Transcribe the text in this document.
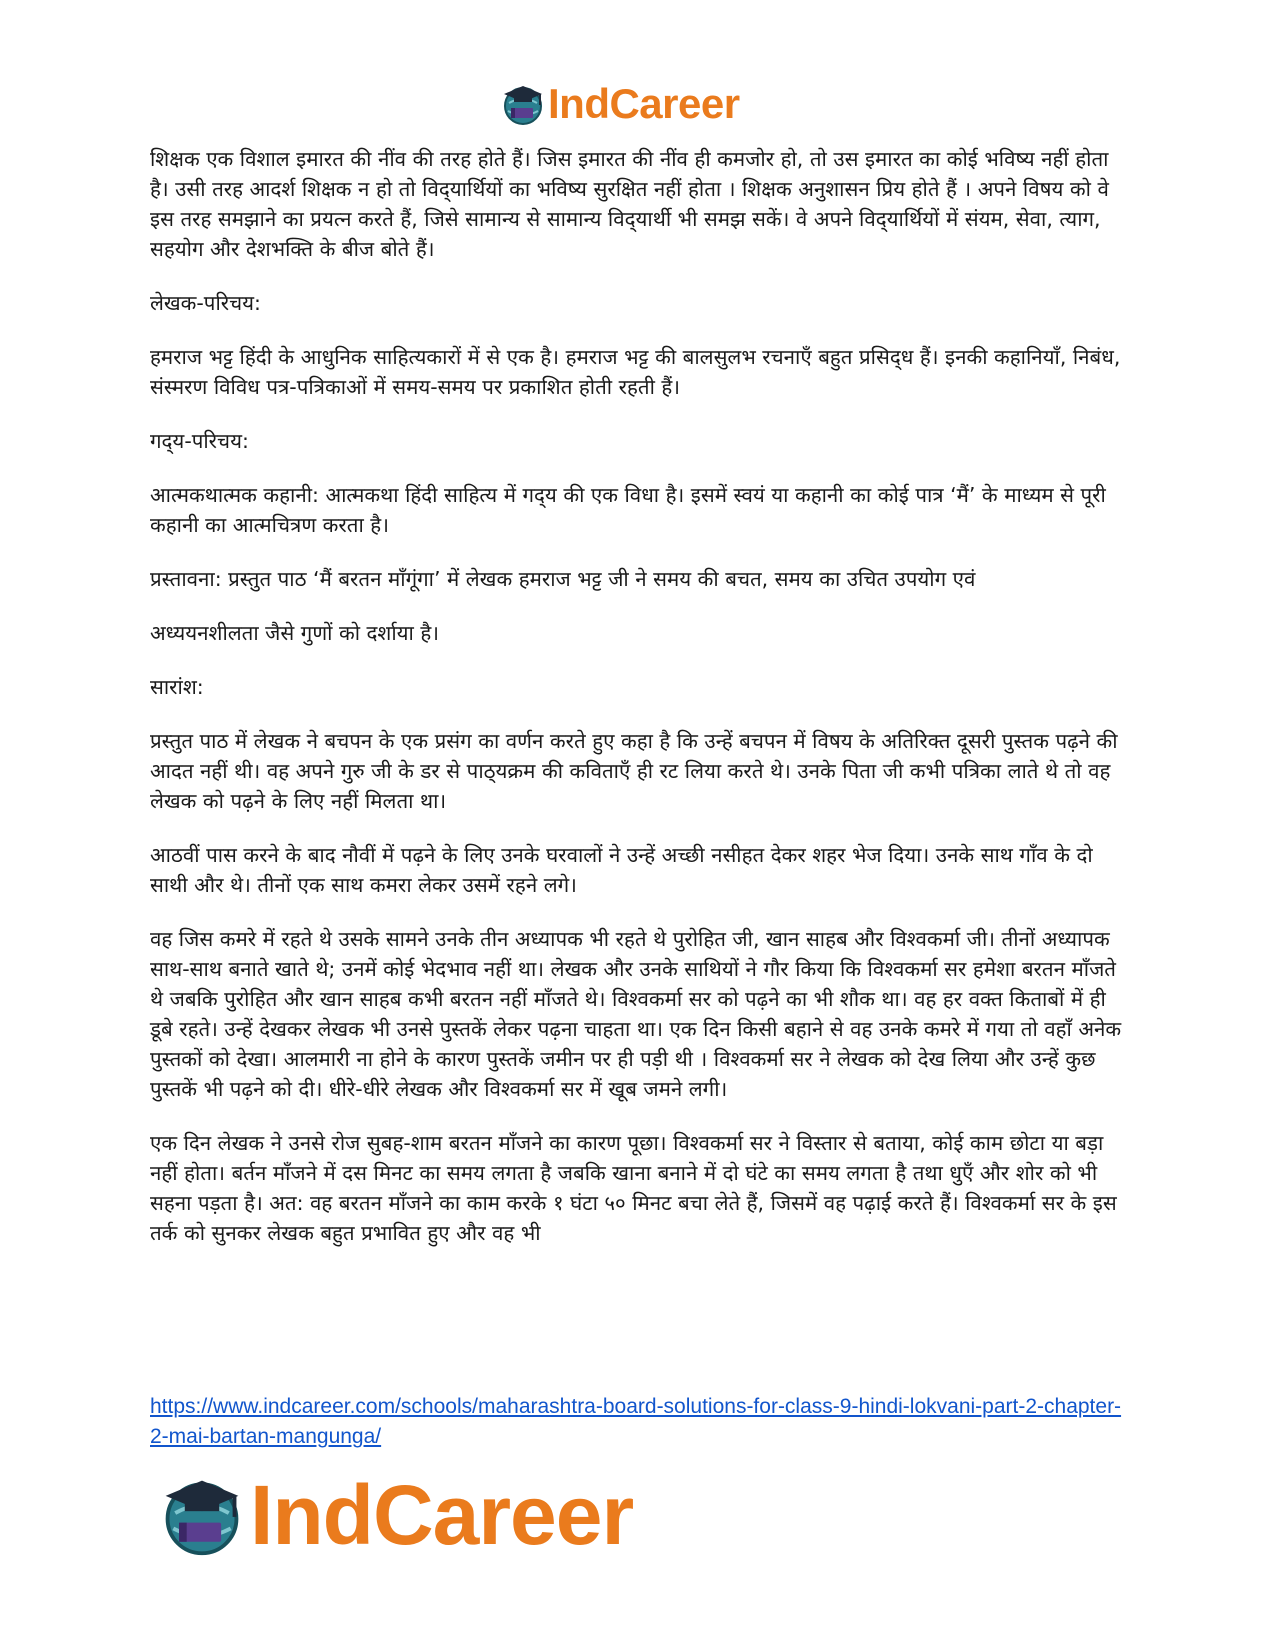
IndCareer

शिक्षक एक विशाल इमारत की नींव की तरह होते हैं। जिस इमारत की नींव ही कमजोर हो, तो उस इमारत का कोई भविष्य नहीं होता है। उसी तरह आदर्श शिक्षक न हो तो विद्‌यार्थियों का भविष्य सुरक्षित नहीं होता । शिक्षक अनुशासन प्रिय होते हैं । अपने विषय को वे इस तरह समझाने का प्रयत्न करते हैं, जिसे सामान्य से सामान्य विद्‌यार्थी भी समझ सकें। वे अपने विद्‌यार्थियों में संयम, सेवा, त्याग, सहयोग और देशभक्ति के बीज बोते हैं।

लेखक-परिचय:

हमराज भट्ट हिंदी के आधुनिक साहित्यकारों में से एक है। हमराज भट्ट की बालसुलभ रचनाएँ बहुत प्रसिद्‌ध हैं। इनकी कहानियाँ, निबंध, संस्मरण विविध पत्र-पत्रिकाओं में समय-समय पर प्रकाशित होती रहती हैं।

गद्‌य-परिचय:

आत्मकथात्मक कहानी: आत्मकथा हिंदी साहित्य में गद्‌य की एक विधा है। इसमें स्वयं या कहानी का कोई पात्र ‘मैं’ के माध्यम से पूरी कहानी का आत्मचित्रण करता है।

प्रस्तावना: प्रस्तुत पाठ ‘मैं बरतन माँगूंगा’ में लेखक हमराज भट्ट जी ने समय की बचत, समय का उचित उपयोग एवं

अध्ययनशीलता जैसे गुणों को दर्शाया है।

सारांश:

प्रस्तुत पाठ में लेखक ने बचपन के एक प्रसंग का वर्णन करते हुए कहा है कि उन्हें बचपन में विषय के अतिरिक्त दूसरी पुस्तक पढ़ने की आदत नहीं थी। वह अपने गुरु जी के डर से पाठ्‌यक्रम की कविताएँ ही रट लिया करते थे। उनके पिता जी कभी पत्रिका लाते थे तो वह लेखक को पढ़ने के लिए नहीं मिलता था।

आठवीं पास करने के बाद नौवीं में पढ़ने के लिए उनके घरवालों ने उन्हें अच्छी नसीहत देकर शहर भेज दिया। उनके साथ गाँव के दो साथी और थे। तीनों एक साथ कमरा लेकर उसमें रहने लगे।

वह जिस कमरे में रहते थे उसके सामने उनके तीन अध्यापक भी रहते थे पुरोहित जी, खान साहब और विश्वकर्मा जी। तीनों अध्यापक साथ-साथ बनाते खाते थे; उनमें कोई भेदभाव नहीं था। लेखक और उनके साथियों ने गौर किया कि विश्वकर्मा सर हमेशा बरतन माँजते थे जबकि पुरोहित और खान साहब कभी बरतन नहीं माँजते थे। विश्वकर्मा सर को पढ़ने का भी शौक था। वह हर वक्त किताबों में ही डूबे रहते। उन्हें देखकर लेखक भी उनसे पुस्तकें लेकर पढ़ना चाहता था। एक दिन किसी बहाने से वह उनके कमरे में गया तो वहाँ अनेक पुस्तकों को देखा। आलमारी ना होने के कारण पुस्तकें जमीन पर ही पड़ी थी । विश्वकर्मा सर ने लेखक को देख लिया और उन्हें कुछ पुस्तकें भी पढ़ने को दी। धीरे-धीरे लेखक और विश्वकर्मा सर में खूब जमने लगी।

एक दिन लेखक ने उनसे रोज सुबह-शाम बरतन माँजने का कारण पूछा। विश्वकर्मा सर ने विस्तार से बताया, कोई काम छोटा या बड़ा नहीं होता। बर्तन माँजने में दस मिनट का समय लगता है जबकि खाना बनाने में दो घंटे का समय लगता है तथा धुएँ और शोर को भी सहना पड़ता है। अत: वह बरतन माँजने का काम करके १ घंटा ५० मिनट बचा लेते हैं, जिसमें वह पढ़ाई करते हैं। विश्वकर्मा सर के इस तर्क को सुनकर लेखक बहुत प्रभावित हुए और वह भी

https://www.indcareer.com/schools/maharashtra-board-solutions-for-class-9-hindi-lokvani-part-2-chapter-2-mai-bartan-mangunga/
IndCareer
